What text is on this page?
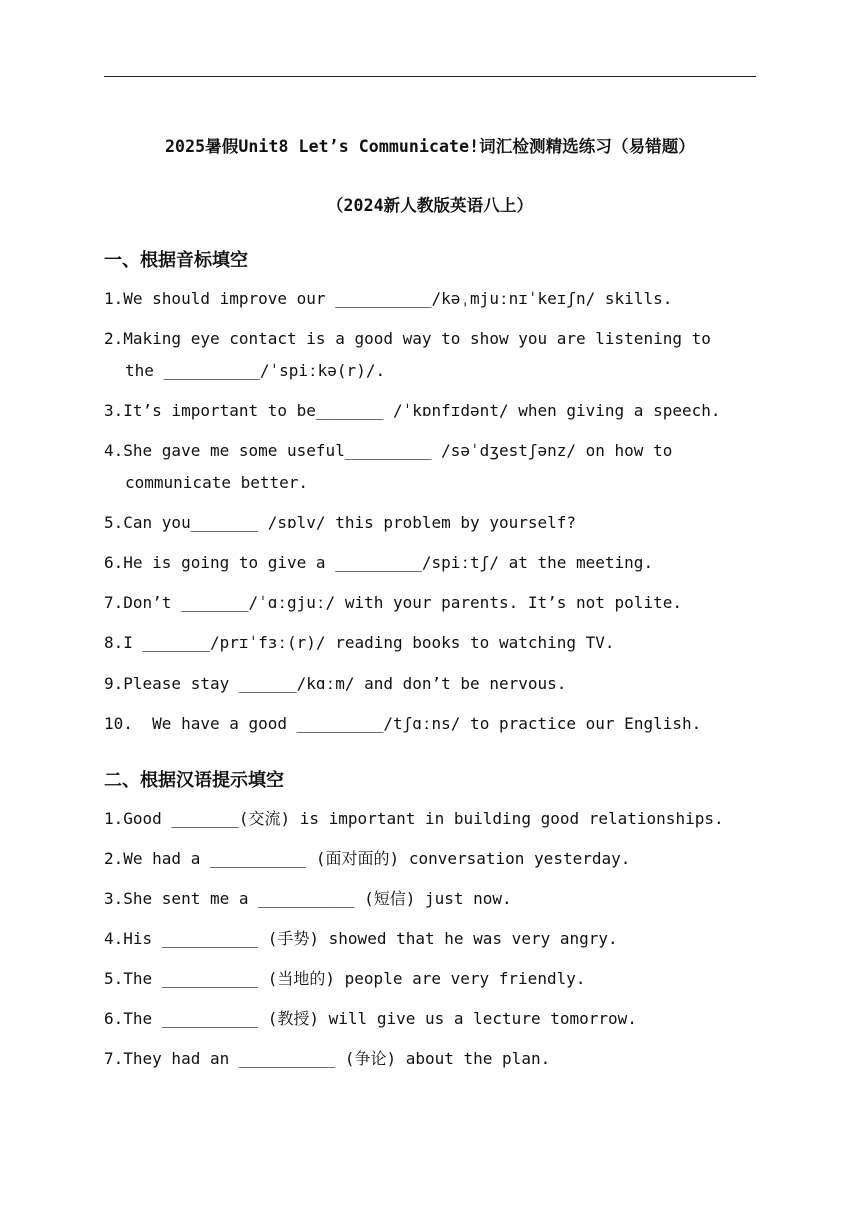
2025暑假Unit8 Let’s Communicate!词汇检测精选练习（易错题）
（2024新人教版英语八上）
一、根据音标填空
1.We should improve our __________/kəˌmjuːnɪˈkeɪʃn/ skills.
2.Making eye contact is a good way to show you are listening to
the __________/ˈspiːkə(r)/.
3.It’s important to be_______ /ˈkɒnfɪdənt/ when giving a speech.
4.She gave me some useful_________ /səˈdʒestʃənz/ on how to
communicate better.
5.Can you_______ /sɒlv/ this problem by yourself?
6.He is going to give a _________/spiːtʃ/ at the meeting.
7.Don’t _______/ˈɑːgjuː/ with your parents. It’s not polite.
8.I _______/prɪˈfɜː(r)/ reading books to watching TV.
9.Please stay ______/kɑːm/ and don’t be nervous.
10.  We have a good _________/tʃɑːns/ to practice our English.
二、根据汉语提示填空
1.Good _______(交流) is important in building good relationships.
2.We had a __________ (面对面的) conversation yesterday.
3.She sent me a __________ (短信) just now.
4.His __________ (手势) showed that he was very angry.
5.The __________ (当地的) people are very friendly.
6.The __________ (教授) will give us a lecture tomorrow.
7.They had an __________ (争论) about the plan.
